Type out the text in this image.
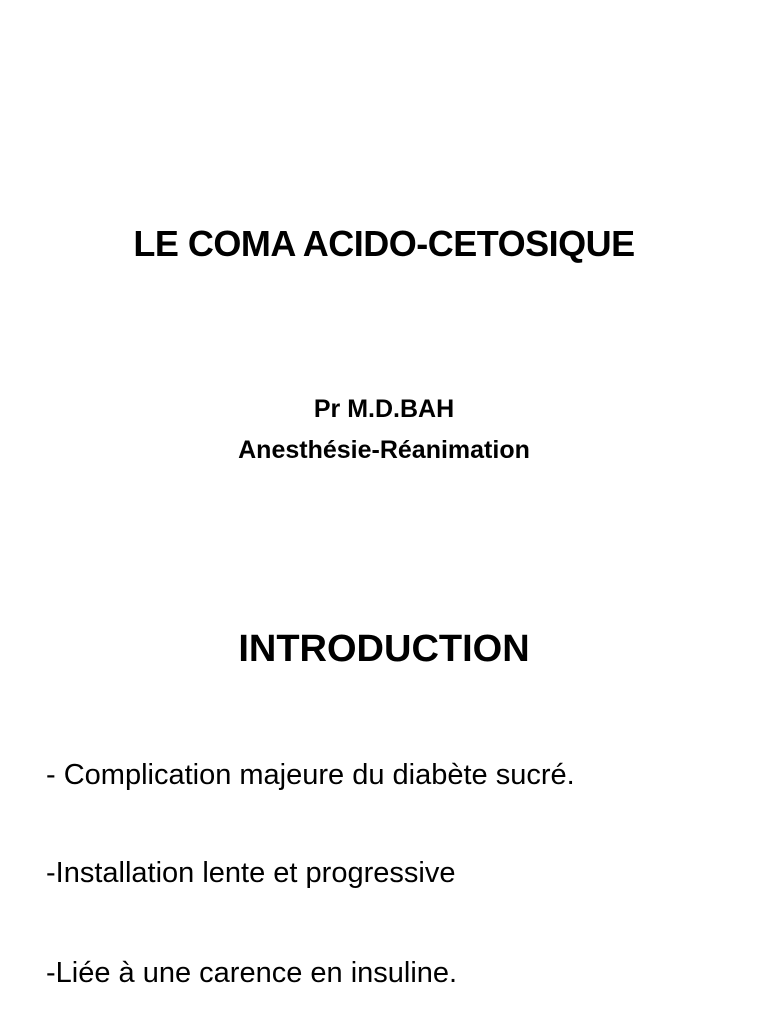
LE COMA ACIDO-CETOSIQUE
Pr M.D.BAH
Anesthésie-Réanimation
INTRODUCTION
- Complication majeure du diabète sucré.
-Installation lente et progressive
-Liée à une carence en insuline.
